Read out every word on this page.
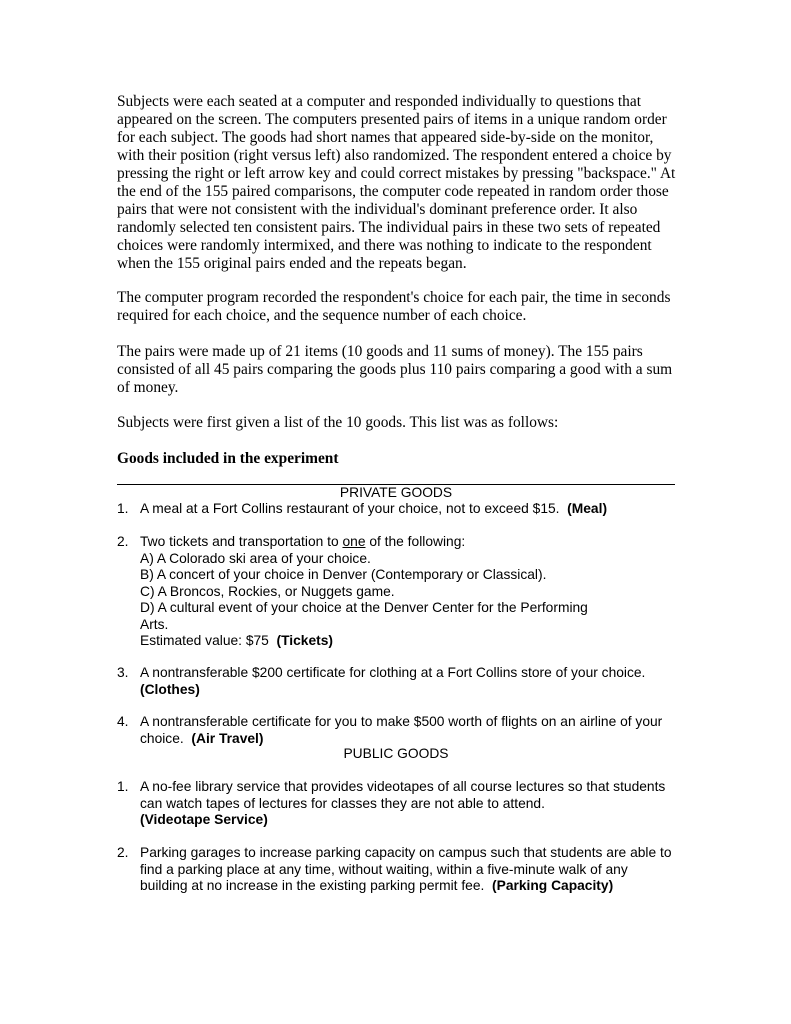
Subjects were each seated at a computer and responded individually to questions that appeared on the screen. The computers presented pairs of items in a unique random order for each subject. The goods had short names that appeared side-by-side on the monitor, with their position (right versus left) also randomized. The respondent entered a choice by pressing the right or left arrow key and could correct mistakes by pressing "backspace." At the end of the 155 paired comparisons, the computer code repeated in random order those pairs that were not consistent with the individual's dominant preference order. It also randomly selected ten consistent pairs. The individual pairs in these two sets of repeated choices were randomly intermixed, and there was nothing to indicate to the respondent when the 155 original pairs ended and the repeats began.

The computer program recorded the respondent's choice for each pair, the time in seconds required for each choice, and the sequence number of each choice.

The pairs were made up of 21 items (10 goods and 11 sums of money). The 155 pairs consisted of all 45 pairs comparing the goods plus 110 pairs comparing a good with a sum of money.

Subjects were first given a list of the 10 goods. This list was as follows:

Goods included in the experiment

PRIVATE GOODS

1. A meal at a Fort Collins restaurant of your choice, not to exceed $15. (Meal)
2. Two tickets and transportation to one of the following:
A) A Colorado ski area of your choice.
B) A concert of your choice in Denver (Contemporary or Classical).
C) A Broncos, Rockies, or Nuggets game.
D) A cultural event of your choice at the Denver Center for the Performing
Arts.
Estimated value: $75 (Tickets)
3. A nontransferable $200 certificate for clothing at a Fort Collins store of your choice.
(Clothes)
4. A nontransferable certificate for you to make $500 worth of flights on an airline of your choice. (Air Travel)

PUBLIC GOODS

1. A no-fee library service that provides videotapes of all course lectures so that students can watch tapes of lectures for classes they are not able to attend.
(Videotape Service)
2. Parking garages to increase parking capacity on campus such that students are able to find a parking place at any time, without waiting, within a five-minute walk of any building at no increase in the existing parking permit fee. (Parking Capacity)
